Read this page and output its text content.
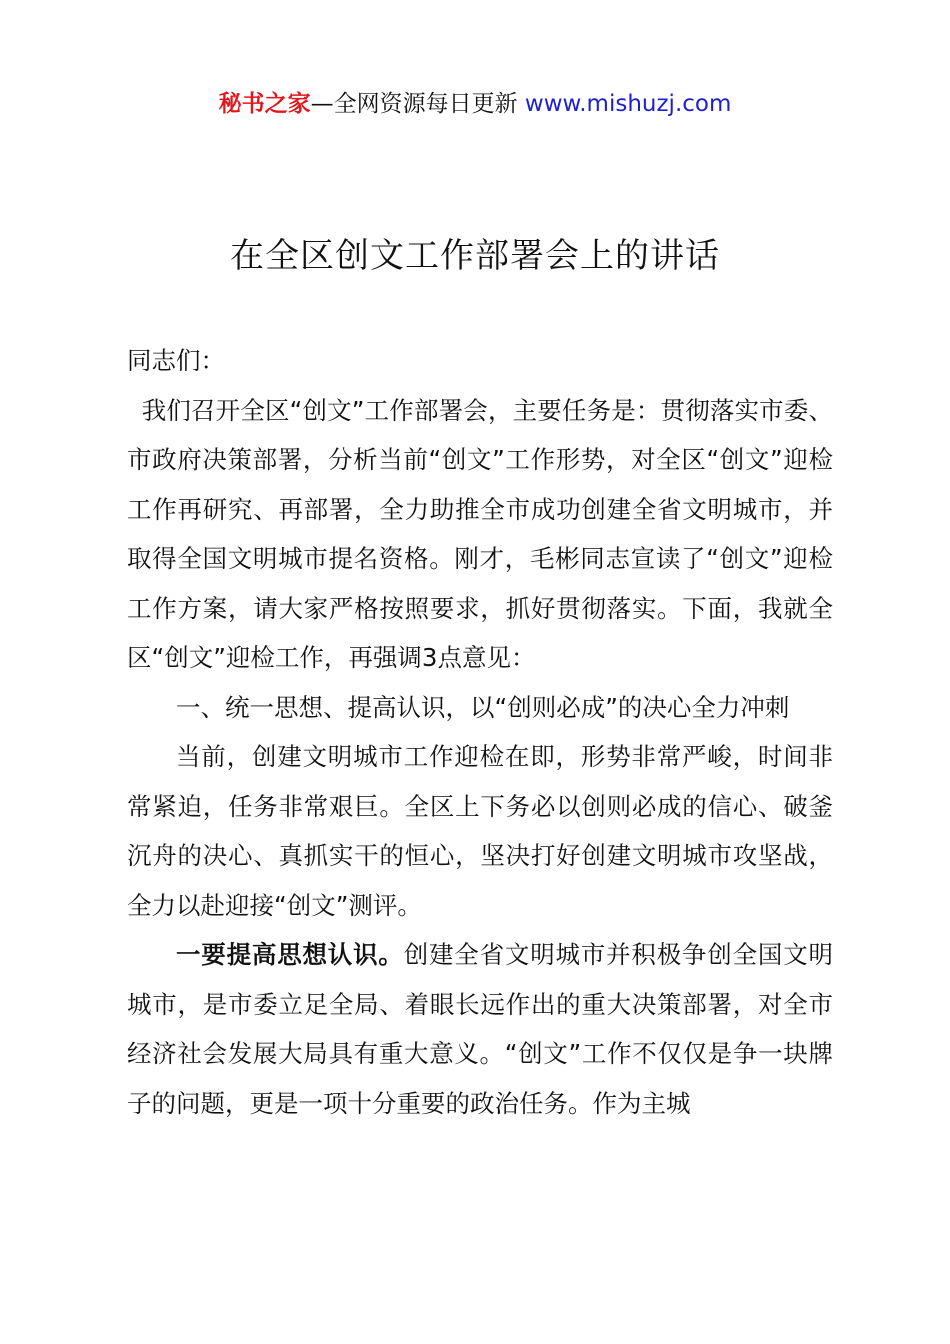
秘书之家—全网资源每日更新 www.mishuzj.com
在全区创文工作部署会上的讲话

同志们：

我们召开全区“创文”工作部署会，主要任务是：贯彻落实市委、市政府决策部署，分析当前“创文”工作形势，对全区“创文”迎检工作再研究、再部署，全力助推全市成功创建全省文明城市，并取得全国文明城市提名资格。刚才，毛彬同志宣读了“创文”迎检工作方案，请大家严格按照要求，抓好贯彻落实。下面，我就全区“创文”迎检工作，再强调3点意见：

一、统一思想、提高认识，以“创则必成”的决心全力冲刺

当前，创建文明城市工作迎检在即，形势非常严峻，时间非常紧迫，任务非常艰巨。全区上下务必以创则必成的信心、破釜沉舟的决心、真抓实干的恒心，坚决打好创建文明城市攻坚战，全力以赴迎接“创文”测评。

一要提高思想认识。创建全省文明城市并积极争创全国文明城市，是市委立足全局、着眼长远作出的重大决策部署，对全市经济社会发展大局具有重大意义。“创文”工作不仅仅是争一块牌子的问题，更是一项十分重要的政治任务。作为主城
